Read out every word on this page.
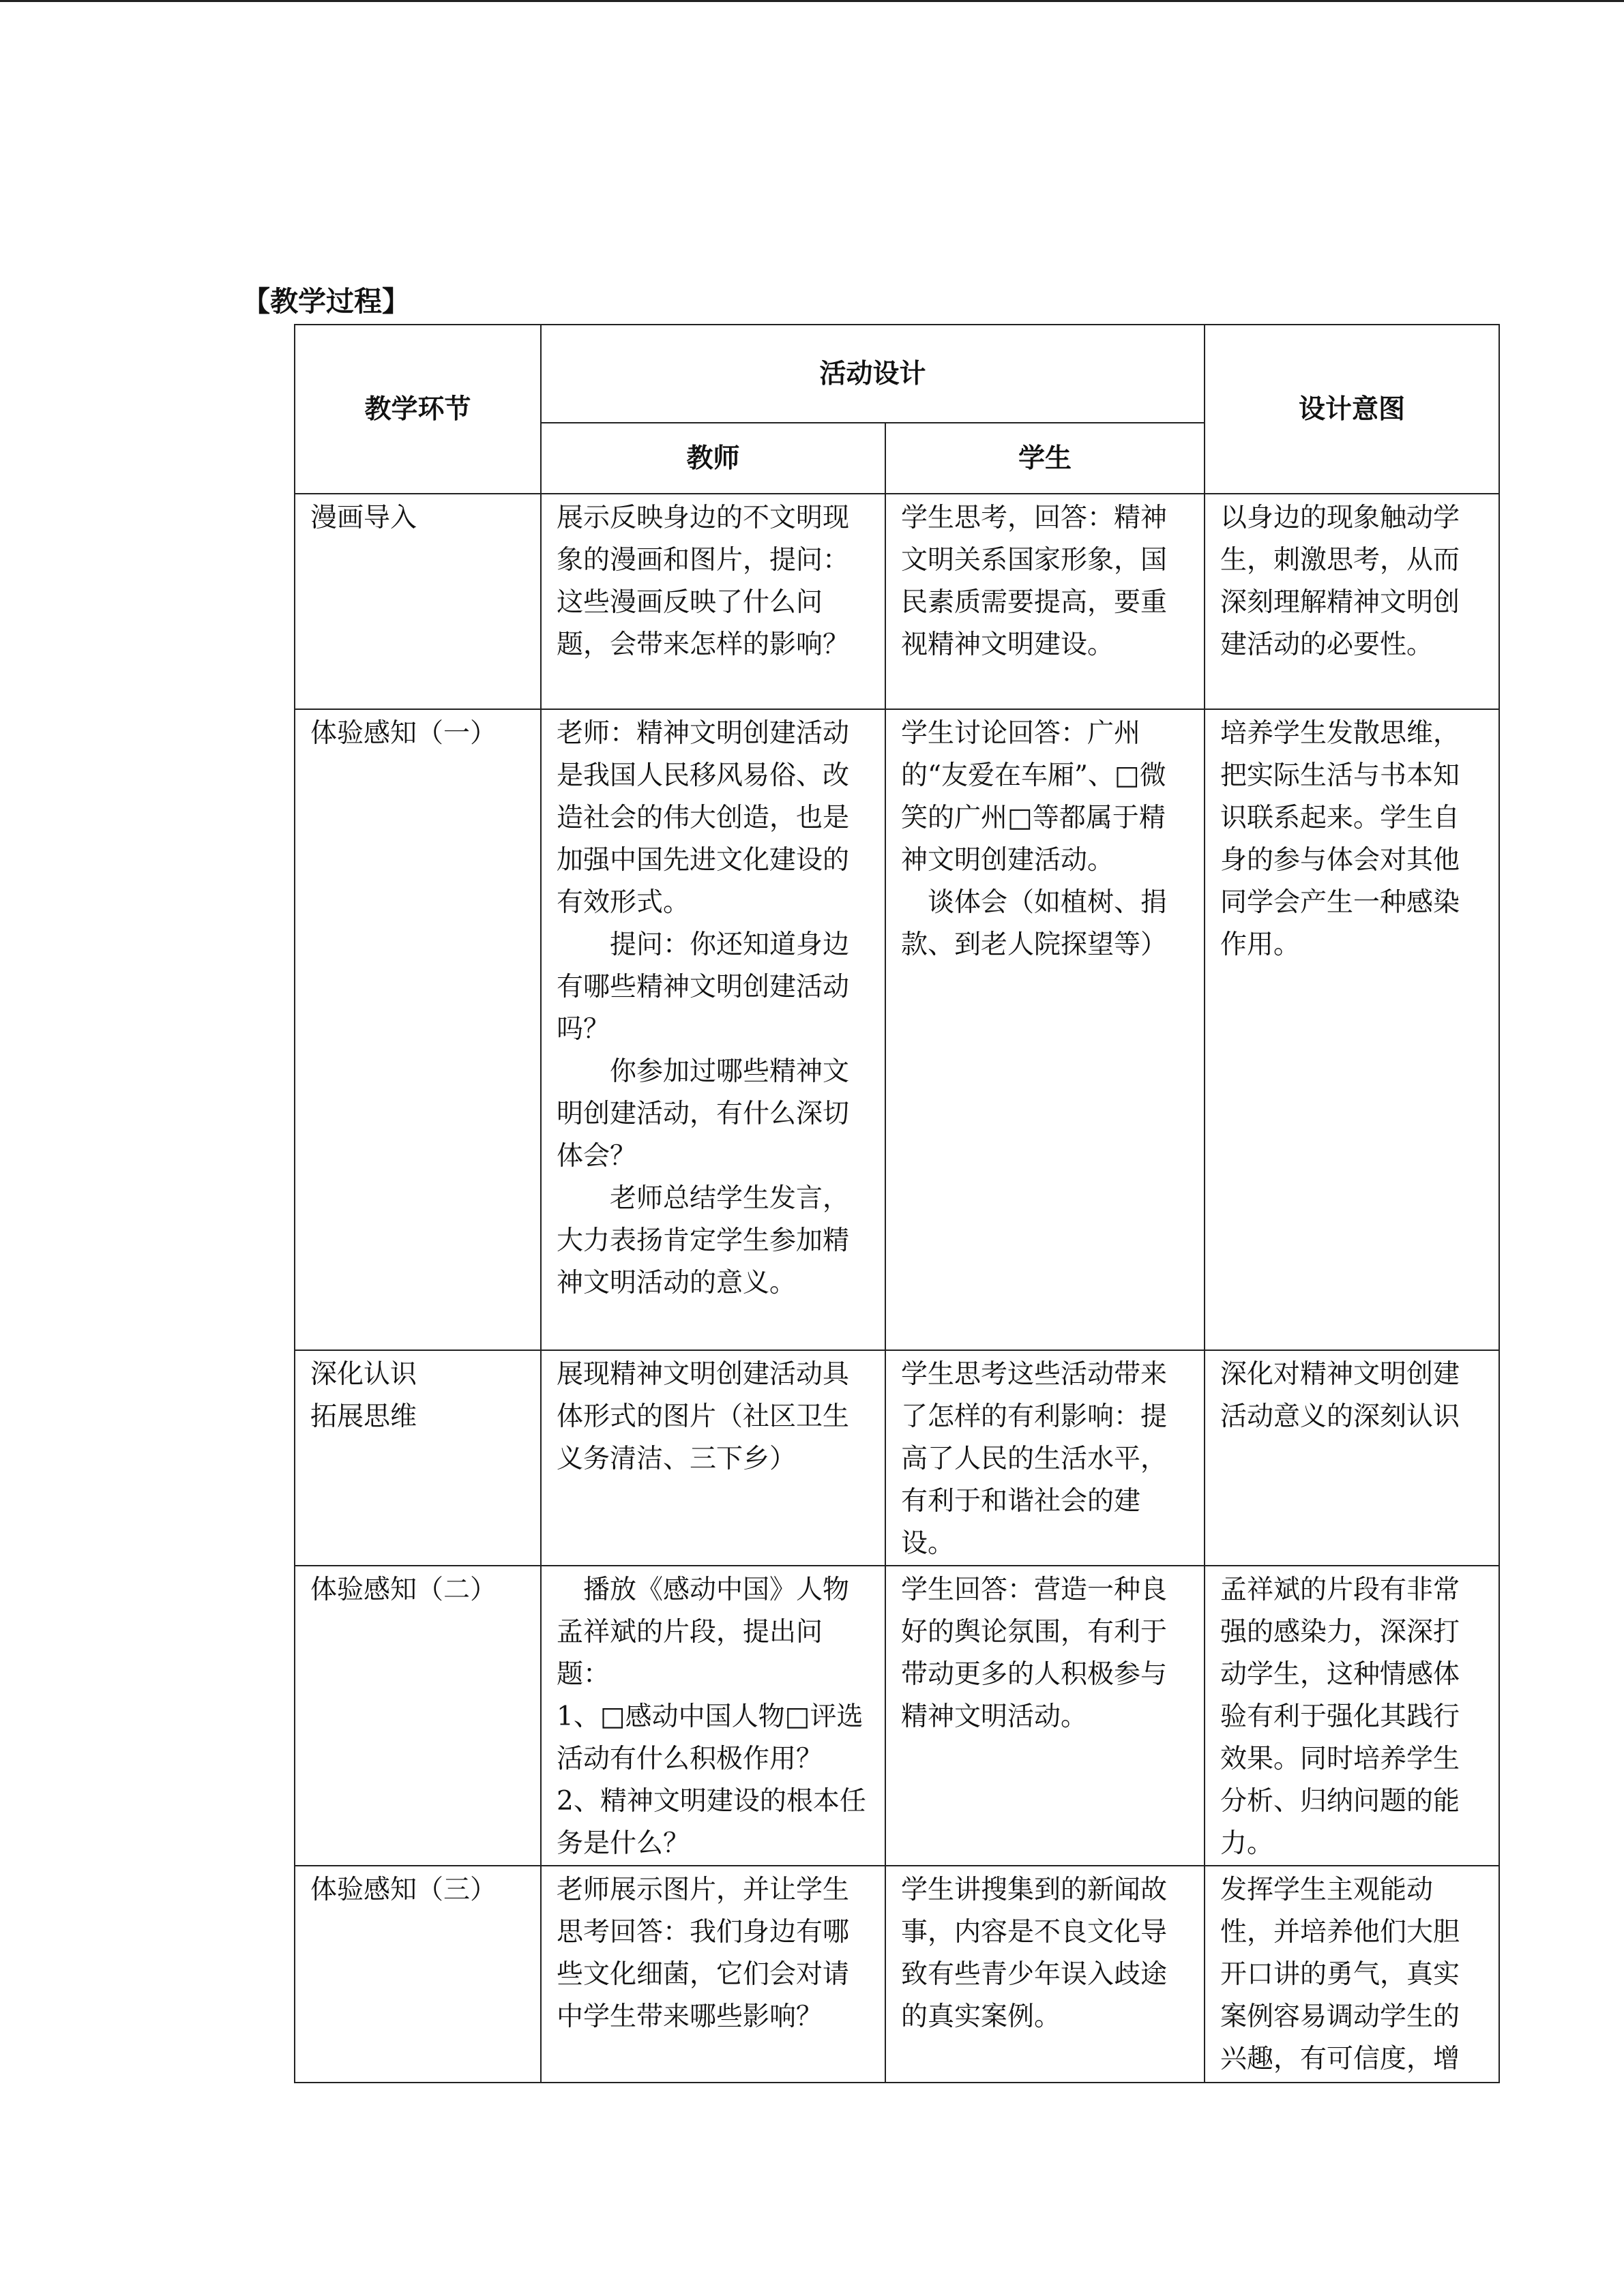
【教学过程】
教学环节	活动设计		设计意图
	教师	学生	

漫画导入	展示反映身边的不文明现象的漫画和图片，提问：这些漫画反映了什么问题，会带来怎样的影响？	学生思考，回答：精神文明关系国家形象，国民素质需要提高，要重视精神文明建设。	以身边的现象触动学生，刺激思考，从而深刻理解精神文明创建活动的必要性。

体验感知（一）	老师：精神文明创建活动是我国人民移风易俗、改造社会的伟大创造，也是加强中国先进文化建设的有效形式。
提问：你还知道身边有哪些精神文明创建活动吗？
你参加过哪些精神文明创建活动，有什么深切体会？
老师总结学生发言，大力表扬肯定学生参加精神文明活动的意义。	学生讨论回答：广州的“友爱在车厢”、□微笑的广州□等都属于精神文明创建活动。
谈体会（如植树、捐款、到老人院探望等）	培养学生发散思维，把实际生活与书本知识联系起来。学生自身的参与体会对其他同学会产生一种感染作用。

深化认识
拓展思维	展现精神文明创建活动具体形式的图片（社区卫生义务清洁、三下乡）	学生思考这些活动带来了怎样的有利影响：提高了人民的生活水平，有利于和谐社会的建设。	深化对精神文明创建活动意义的深刻认识

体验感知（二）	播放《感动中国》人物孟祥斌的片段，提出问题：
1、□感动中国人物□评选活动有什么积极作用？
2、精神文明建设的根本任务是什么？	学生回答：营造一种良好的舆论氛围，有利于带动更多的人积极参与精神文明活动。	孟祥斌的片段有非常强的感染力，深深打动学生，这种情感体验有利于强化其践行效果。同时培养学生分析、归纳问题的能力。

体验感知（三）	老师展示图片，并让学生思考回答：我们身边有哪些文化细菌，它们会对请中学生带来哪些影响？	学生讲搜集到的新闻故事，内容是不良文化导致有些青少年误入歧途的真实案例。	发挥学生主观能动性，并培养他们大胆开口讲的勇气，真实案例容易调动学生的兴趣，有可信度，增
